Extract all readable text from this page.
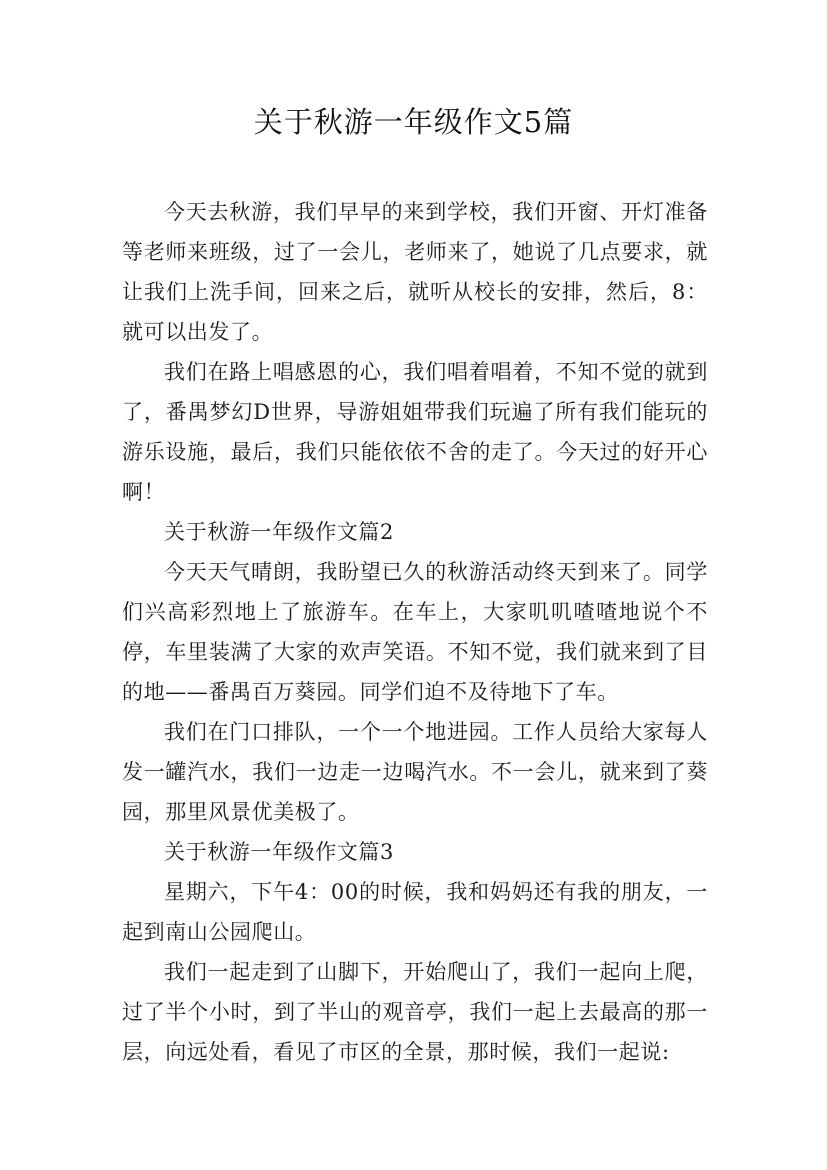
关于秋游一年级作文5篇

今天去秋游，我们早早的来到学校，我们开窗、开灯准备等老师来班级，过了一会儿，老师来了，她说了几点要求，就让我们上洗手间，回来之后，就听从校长的安排，然后，8：就可以出发了。

我们在路上唱感恩的心，我们唱着唱着，不知不觉的就到了，番禺梦幻D世界，导游姐姐带我们玩遍了所有我们能玩的游乐设施，最后，我们只能依依不舍的走了。今天过的好开心啊！

关于秋游一年级作文篇2

今天天气晴朗，我盼望已久的秋游活动终天到来了。同学们兴高彩烈地上了旅游车。在车上，大家叽叽喳喳地说个不停，车里装满了大家的欢声笑语。不知不觉，我们就来到了目的地——番禺百万葵园。同学们迫不及待地下了车。

我们在门口排队，一个一个地进园。工作人员给大家每人发一罐汽水，我们一边走一边喝汽水。不一会儿，就来到了葵园，那里风景优美极了。

关于秋游一年级作文篇3

星期六，下午4：00的时候，我和妈妈还有我的朋友，一起到南山公园爬山。

我们一起走到了山脚下，开始爬山了，我们一起向上爬，过了半个小时，到了半山的观音亭，我们一起上去最高的那一层，向远处看，看见了市区的全景，那时候，我们一起说:
